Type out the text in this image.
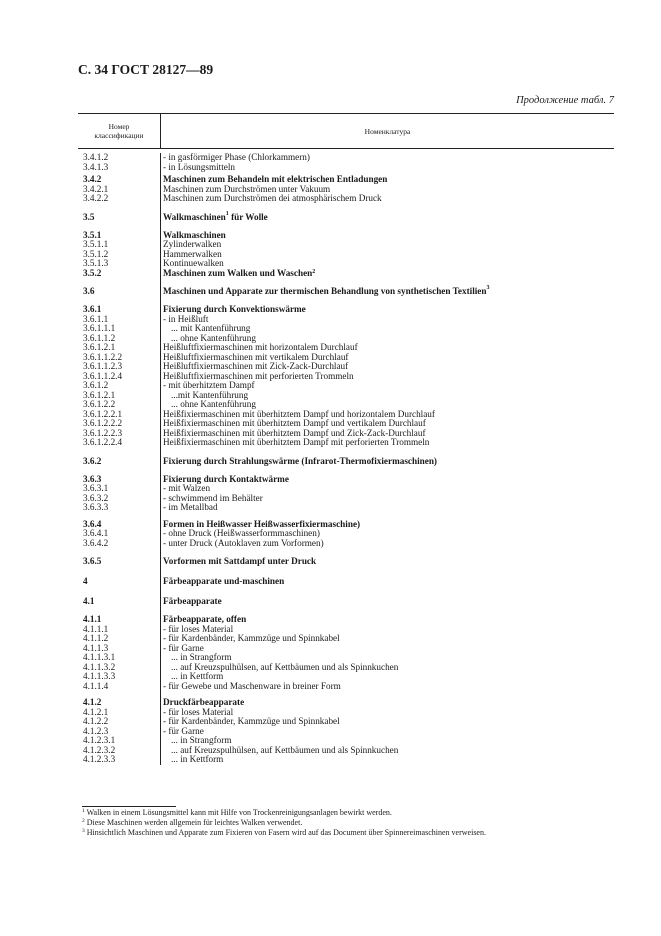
С. 34 ГОСТ 28127—89
Продолжение табл. 7
Номер
классификации	Номенклатура
3.4.1.2	- in gasförmiger Phase (Chlorkammern)
3.4.1.3	- in Lösungsmitteln
3.4.2	Maschinen zum Behandeln mit elektrischen Entladungen
3.4.2.1	Maschinen zum Durchströmen unter Vakuum
3.4.2.2	Maschinen zum Durchströmen dei atmosphärischem Druck
3.5	Walkmaschinen$^1$ für Wolle
3.5.1	Walkmaschinen
3.5.1.1	Zylinderwalken
3.5.1.2	Hammerwalken
3.5.1.3	Kontinuewalken
3.5.2	Maschinen zum Walken und Waschen$^2$
3.6	Maschinen und Apparate zur thermischen Behandlung von synthetischen Textilien$^3$
3.6.1	Fixierung durch Konvektionswärme
3.6.1.1	- in Heißluft
3.6.1.1.1	... mit Kantenführung
3.6.1.1.2	... ohne Kantenführung
3.6.1.2.1	Heißluftfixiermaschinen mit horizontalem Durchlauf
3.6.1.1.2.2	Heißluftfixiermaschinen mit vertikalem Durchlauf
3.6.1.1.2.3	Heißluftfixiermaschinen mit Zick-Zack-Durchlauf
3.6.1.1.2.4	Heißluftfixiermaschinen mit perforierten Trommeln
3.6.1.2	- mit überhitztem Dampf
3.6.1.2.1	...mit Kantenführung
3.6.1.2.2	... ohne Kantenführung
3.6.1.2.2.1	Heißfixiermaschinen mit überhitztem Dampf und horizontalem Durchlauf
3.6.1.2.2.2	Heißfixiermaschinen mit überhitztem Dampf und vertikalem Durchlauf
3.6.1.2.2.3	Heißfixiermaschinen mit überhitztem Dampf und Zick-Zack-Durchlauf
3.6.1.2.2.4	Heißfixiermaschinen mit überhitztem Dampf mit perforierten Trommeln
3.6.2	Fixierung durch Strahlungswärme (Infrarot-Thermofixiermaschinen)
3.6.3	Fixierung durch Kontaktwärme
3.6.3.1	- mit Walzen
3.6.3.2	- schwimmend im Behälter
3.6.3.3	- im Metallbad
3.6.4	Formen in Heißwasser Heißwasserfixiermaschine)
3.6.4.1	- ohne Druck (Heißwasserformmaschinen)
3.6.4.2	- unter Druck (Autoklaven zum Vorformen)
3.6.5	Vorformen mit Sattdampf unter Druck
4	Färbeapparate und-maschinen
4.1	Färbeapparate
4.1.1	Färbeapparate, offen
4.1.1.1	- für loses Material
4.1.1.2	- für Kardenbänder, Kammzüge und Spinnkabel
4.1.1.3	- für Garne
4.1.1.3.1	... in Strangform
4.1.1.3.2	... auf Kreuzspulhülsen, auf Kettbäumen und als Spinnkuchen
4.1.1.3.3	... in Kettform
4.1.1.4	- für Gewebe und Maschenware in breiner Form
4.1.2	Druckfärbeapparate
4.1.2.1	- für loses Material
4.1.2.2	- für Kardenbänder, Kammzüge und Spinnkabel
4.1.2.3	- für Garne
4.1.2.3.1	... in Strangform
4.1.2.3.2	... auf Kreuzspulhülsen, auf Kettbäumen und als Spinnkuchen
4.1.2.3.3	... in Kettform
$^1$ Walken in einem Lösungsmittel kann mit Hilfe von Trockenreinigungsanlagen bewirkt werden.
$^2$ Diese Maschinen werden allgemein für leichtes Walken verwendet.
$^3$ Hinsichtlich Maschinen und Apparate zum Fixieren von Fasern wird auf das Document über Spinnereimaschinen verweisen.
